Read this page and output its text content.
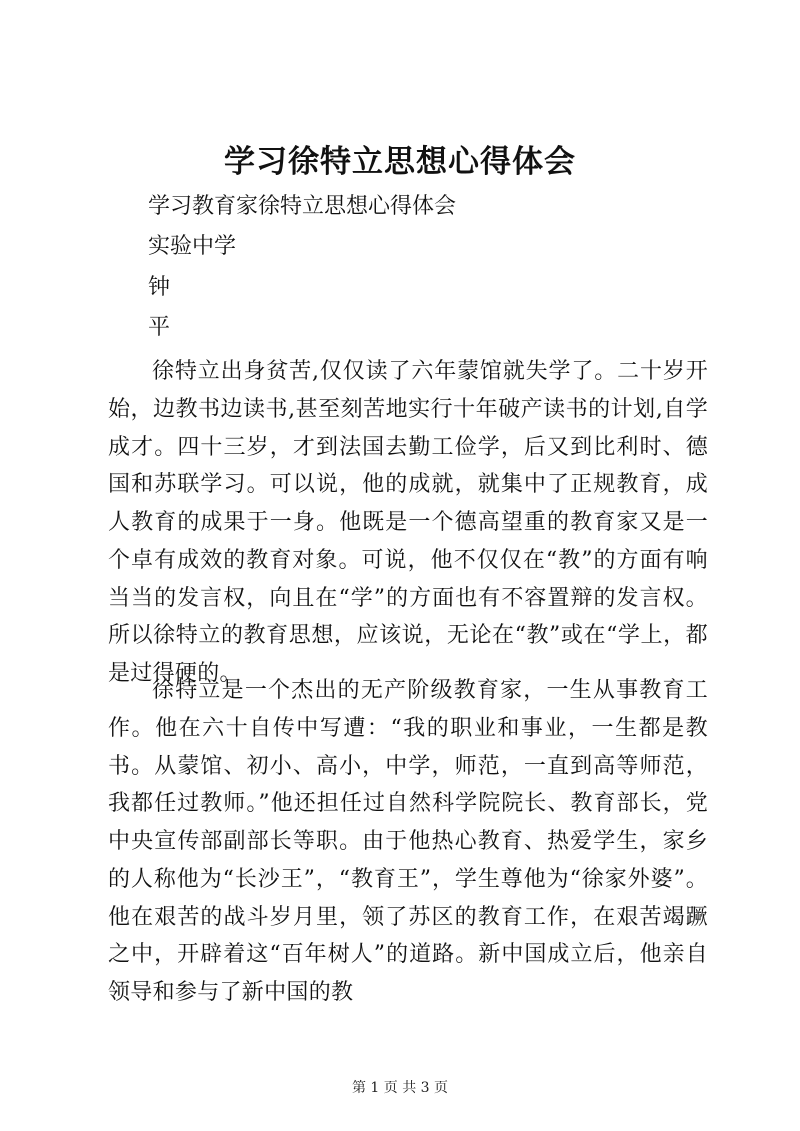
学习徐特立思想心得体会
学习教育家徐特立思想心得体会
实验中学
钟
平
徐特立出身贫苦,仅仅读了六年蒙馆就失学了。二十岁开始，边教书边读书,甚至刻苦地实行十年破产读书的计划,自学成才。四十三岁，才到法国去勤工俭学，后又到比利时、德国和苏联学习。可以说，他的成就，就集中了正规教育，成人教育的成果于一身。他既是一个德高望重的教育家又是一个卓有成效的教育对象。可说，他不仅仅在“教”的方面有响当当的发言权，向且在“学”的方面也有不容置辩的发言权。所以徐特立的教育思想，应该说，无论在“教”或在“学上，都是过得硬的。
徐特立是一个杰出的无产阶级教育家，一生从事教育工作。他在六十自传中写遭：“我的职业和事业，一生都是教书。从蒙馆、初小、高小，中学，师范，一直到高等师范，我都任过教师。”他还担任过自然科学院院长、教育部长，党中央宣传部副部长等职。由于他热心教育、热爱学生，家乡的人称他为“长沙王”，“教育王”，学生尊他为“徐家外婆”。他在艰苦的战斗岁月里，领了苏区的教育工作，在艰苦竭蹶之中，开辟着这“百年树人”的道路。新中国成立后，他亲自领导和参与了新中国的教
第 1 页 共 3 页
